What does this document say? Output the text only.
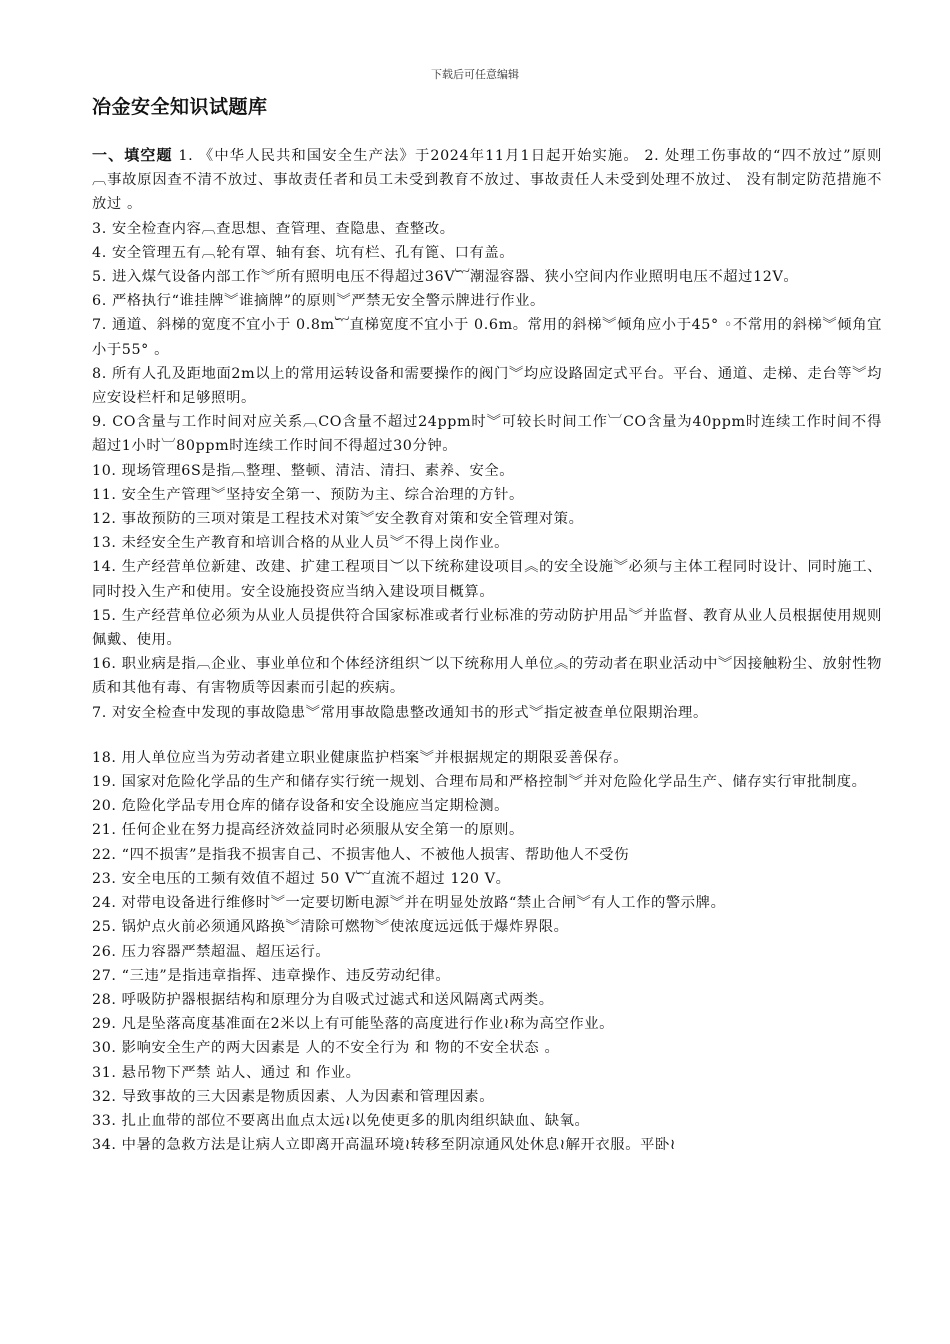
下载后可任意编辑
冶金安全知识试题库

一、填空题 1. 《中华人民共和国安全生产法》于2024年11月1日起开始实施。 2. 处理工伤事故的“四不放过”原则 ︹事故原因查不清不放过、事故责任者和员工未受到教育不放过、事故责任人未受到处理不放过、 没有制定防范措施不放过 。

3. 安全检查内容︹查思想、查管理、查隐患、查整改。

4. 安全管理五有︹轮有罩、轴有套、坑有栏、孔有篦、口有盖。

5. 进入煤气设备内部工作︾所有照明电压不得超过36V︸潮湿容器、狭小空间内作业照明电压不超过12V。

6. 严格执行“谁挂牌︾谁摘牌”的原则︾严禁无安全警示牌进行作业。

7. 通道、斜梯的宽度不宜小于 0.8m︸直梯宽度不宜小于 0.6m。常用的斜梯︾倾角应小于45° ◦不常用的斜梯︾倾角宜小于55° 。

8. 所有人孔及距地面2m以上的常用运转设备和需要操作的阀门︾均应设路固定式平台。平台、通道、走梯、走台等︾均应安设栏杆和足够照明。

9. CO含量与工作时间对应关系︹CO含量不超过24ppm时︾可较长时间工作︺CO含量为40ppm时连续工作时间不得超过1小时︺80ppm时连续工作时间不得超过30分钟。

10. 现场管理6S是指︹整理、整顿、清洁、清扫、素养、安全。

11. 安全生产管理︾坚持安全第一、预防为主、综合治理的方针。

12. 事故预防的三项对策是工程技术对策︾安全教育对策和安全管理对策。

13. 未经安全生产教育和培训合格的从业人员︾不得上岗作业。

14. 生产经营单位新建、改建、扩建工程项目︶以下统称建设项目︽的安全设施︾必须与主体工程同时设计、同时施工、同时投入生产和使用。安全设施投资应当纳入建设项目概算。

15. 生产经营单位必须为从业人员提供符合国家标准或者行业标准的劳动防护用品︾并监督、教育从业人员根据使用规则佩戴、使用。

16. 职业病是指︹企业、事业单位和个体经济组织︶以下统称用人单位︽的劳动者在职业活动中︾因接触粉尘、放射性物质和其他有毒、有害物质等因素而引起的疾病。

7. 对安全检查中发现的事故隐患︾常用事故隐患整改通知书的形式︾指定被查单位限期治理。

18. 用人单位应当为劳动者建立职业健康监护档案︾并根据规定的期限妥善保存。

19. 国家对危险化学品的生产和储存实行统一规划、合理布局和严格控制︾并对危险化学品生产、储存实行审批制度。

20. 危险化学品专用仓库的储存设备和安全设施应当定期检测。

21. 任何企业在努力提高经济效益同时必须服从安全第一的原则。

22. “四不损害”是指我不损害自己、不损害他人、不被他人损害、帮助他人不受伤

23. 安全电压的工频有效值不超过 50 V︸直流不超过 120 V。

24. 对带电设备进行维修时︾一定要切断电源︾并在明显处放路“禁止合闸︾有人工作的警示牌。

25. 锅炉点火前必须通风路换︾清除可燃物︾使浓度远远低于爆炸界限。

26. 压力容器严禁超温、超压运行。

27. “三违”是指违章指挥、违章操作、违反劳动纪律。

28. 呼吸防护器根据结构和原理分为自吸式过滤式和送风隔离式两类。

29. 凡是坠落高度基准面在2米以上有可能坠落的高度进行作业≀称为高空作业。

30. 影响安全生产的两大因素是 人的不安全行为 和 物的不安全状态 。

31. 悬吊物下严禁 站人、通过 和 作业。

32. 导致事故的三大因素是物质因素、人为因素和管理因素。

33. 扎止血带的部位不要离出血点太远≀以免使更多的肌肉组织缺血、缺氧。

34. 中暑的急救方法是让病人立即离开高温环境≀转移至阴凉通风处休息≀解开衣服。平卧≀
